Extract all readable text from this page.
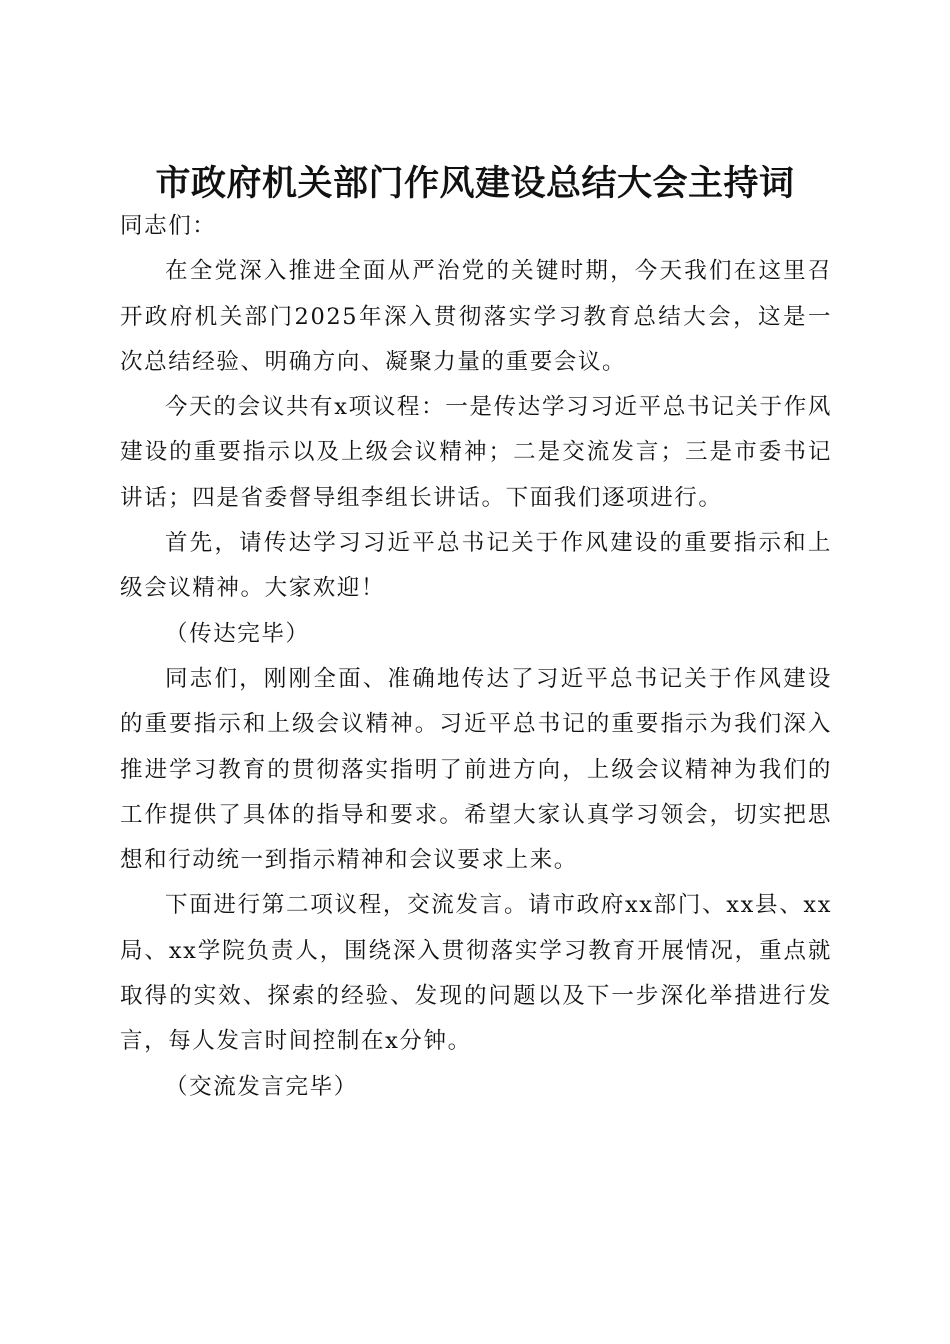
市政府机关部门作风建设总结大会主持词

同志们：

在全党深入推进全面从严治党的关键时期，今天我们在这里召开政府机关部门2025年深入贯彻落实学习教育总结大会，这是一次总结经验、明确方向、凝聚力量的重要会议。

今天的会议共有x项议程：一是传达学习习近平总书记关于作风建设的重要指示以及上级会议精神；二是交流发言；三是市委书记讲话；四是省委督导组李组长讲话。下面我们逐项进行。

首先，请传达学习习近平总书记关于作风建设的重要指示和上级会议精神。大家欢迎！

（传达完毕）

同志们，刚刚全面、准确地传达了习近平总书记关于作风建设的重要指示和上级会议精神。习近平总书记的重要指示为我们深入推进学习教育的贯彻落实指明了前进方向，上级会议精神为我们的工作提供了具体的指导和要求。希望大家认真学习领会，切实把思想和行动统一到指示精神和会议要求上来。

下面进行第二项议程，交流发言。请市政府xx部门、xx县、xx局、xx学院负责人，围绕深入贯彻落实学习教育开展情况，重点就取得的实效、探索的经验、发现的问题以及下一步深化举措进行发言，每人发言时间控制在x分钟。

（交流发言完毕）
